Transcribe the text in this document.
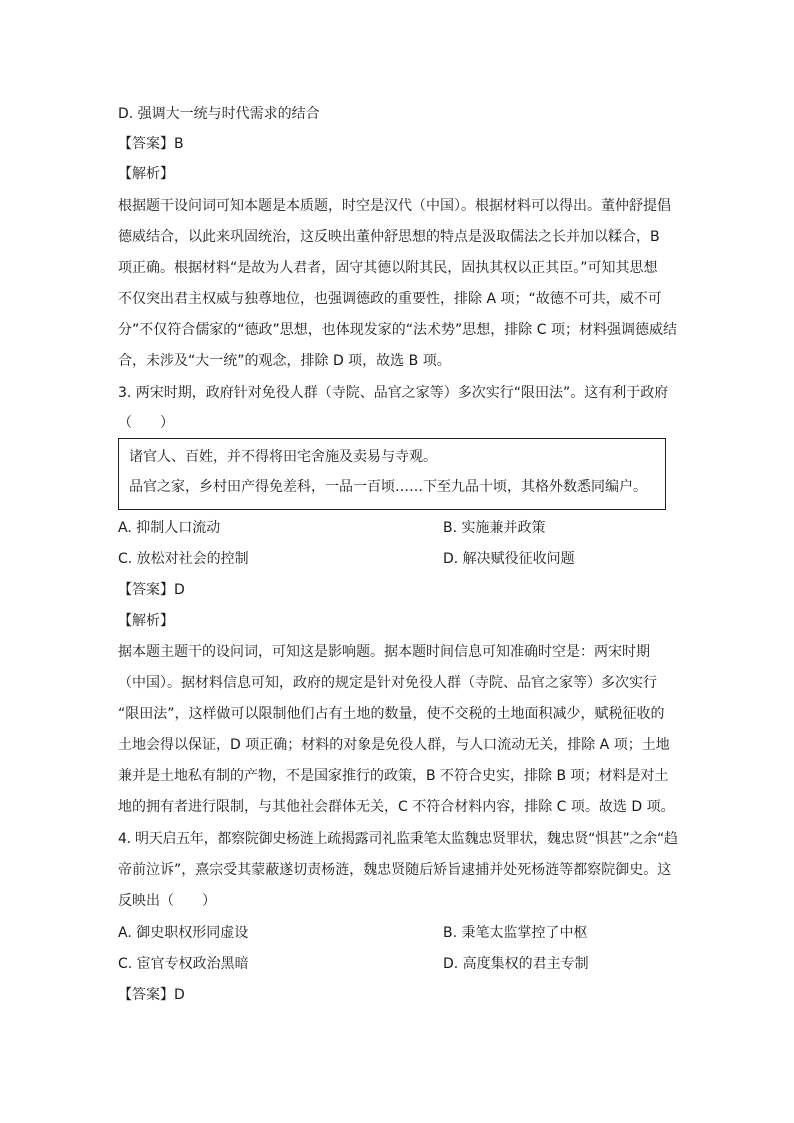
D. 强调大一统与时代需求的结合
【答案】B
【解析】
根据题干设问词可知本题是本质题，时空是汉代（中国）。根据材料可以得出。董仲舒提倡
德威结合，以此来巩固统治，这反映出董仲舒思想的特点是汲取儒法之长并加以糅合，B
项正确。根据材料“是故为人君者，固守其德以附其民，固执其权以正其臣。”可知其思想
不仅突出君主权威与独尊地位，也强调德政的重要性，排除 A 项；“故德不可共，威不可
分”不仅符合儒家的“德政”思想，也体现发家的“法术势”思想，排除 C 项；材料强调德威结
合，未涉及“大一统”的观念，排除 D 项，故选 B 项。
3. 两宋时期，政府针对免役人群（寺院、品官之家等）多次实行“限田法”。这有利于政府
（　　）
诸官人、百姓，并不得将田宅舍施及卖易与寺观。
品官之家，乡村田产得免差科，一品一百顷……下至九品十顷，其格外数悉同编户。
A. 抑制人口流动	B. 实施兼并政策
C. 放松对社会的控制	D. 解决赋役征收问题
【答案】D
【解析】
据本题主题干的设问词，可知这是影响题。据本题时间信息可知准确时空是：两宋时期
（中国）。据材料信息可知，政府的规定是针对免役人群（寺院、品官之家等）多次实行
“限田法”，这样做可以限制他们占有土地的数量，使不交税的土地面积减少，赋税征收的
土地会得以保证，D 项正确；材料的对象是免役人群，与人口流动无关，排除 A 项；土地
兼并是土地私有制的产物，不是国家推行的政策，B 不符合史实，排除 B 项；材料是对土
地的拥有者进行限制，与其他社会群体无关，C 不符合材料内容，排除 C 项。故选 D 项。
4. 明天启五年，都察院御史杨涟上疏揭露司礼监秉笔太监魏忠贤罪状，魏忠贤“惧甚”之余“趋
帝前泣诉”，熹宗受其蒙蔽遂切责杨涟，魏忠贤随后矫旨逮捕并处死杨涟等都察院御史。这
反映出（　　）
A. 御史职权形同虚设	B. 秉笔太监掌控了中枢
C. 宦官专权政治黑暗	D. 高度集权的君主专制
【答案】D
